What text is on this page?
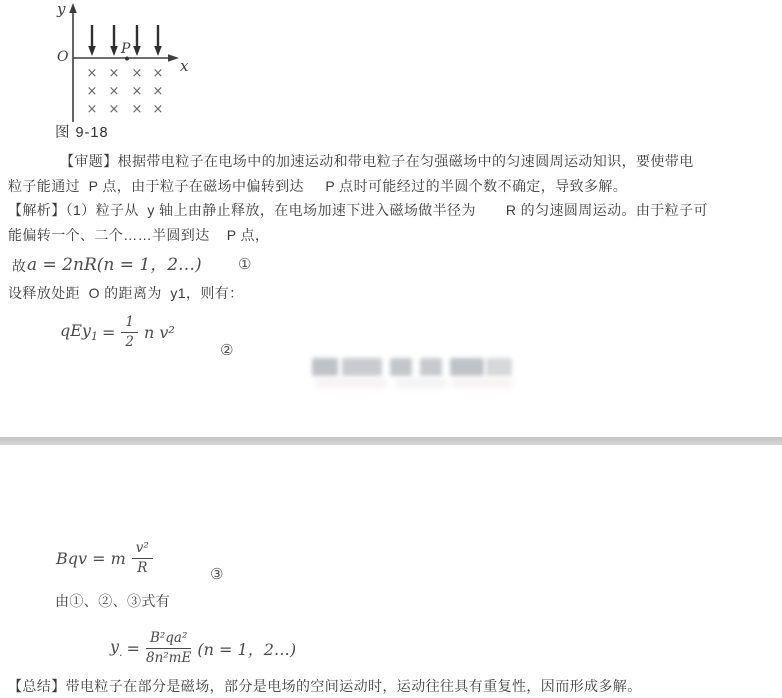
y
x
O	P
× × × ×
× × × ×
× × × ×
图 9-18
【审题】根据带电粒子在电场中的加速运动和带电粒子在匀强磁场中的匀速圆周运动知识，要使带电
粒子能通过  P 点，由于粒子在磁场中偏转到达     P 点时可能经过的半圆个数不确定，导致多解。
【解析】（1）粒子从  y 轴上由静止释放，在电场加速下进入磁场做半径为       R 的匀速圆周运动。由于粒子可
能偏转一个、二个……半圆到达    P 点，
故 a = 2nR(n = 1，2…) ①
设释放处距  O 的距离为  y1，则有：
$qEy_1 = \frac{1}{2}$ n v²
②
Bqv = m $\frac{\text{v²}}{R}$	③
由①、②、③式有
$y_. = \frac{\text{B²qa²}}{\text{8n²mE}} (n = 1$，2…)
【总结】带电粒子在部分是磁场，部分是电场的空间运动时，运动往往具有重复性，因而形成多解。
